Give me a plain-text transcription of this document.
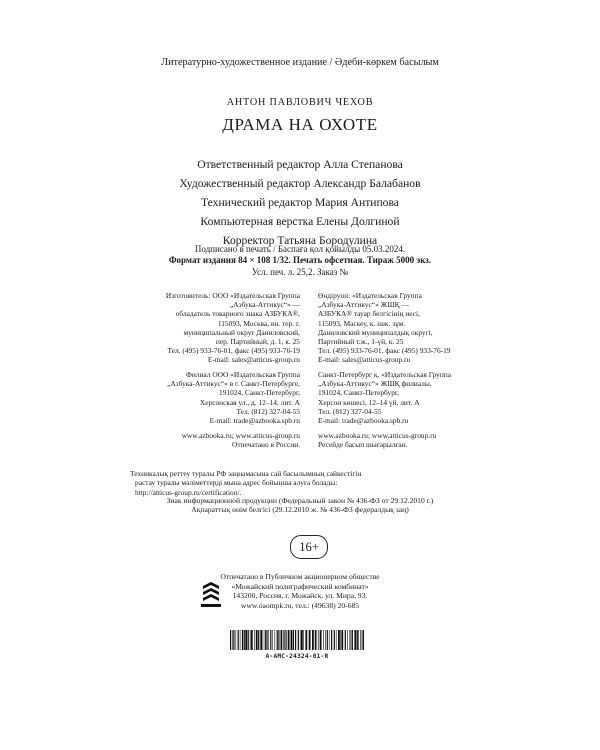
Литературно-художественное издание / Әдеби-көркем басылым
АНТОН ПАВЛОВИЧ ЧЕХОВ
ДРАМА НА ОХОТЕ
Ответственный редактор Алла Степанова
Художественный редактор Александр Балабанов
Технический редактор Мария Антипова
Компьютерная верстка Елены Долгиной
Корректор Татьяна Бородулина
Подписано в печать / Баспаға қол қойылды 05.03.2024.
Формат издания 84 × 108 1/32. Печать офсетная. Тираж 5000 экз.
Усл. печ. л. 25,2. Заказ №
Изготовитель: ООО «Издательская Группа
„Азбука-Аттикус“» —
обладатель товарного знака АЗБУКА®,
115093, Москва, вн. тер. г.
муниципальный округ Даниловский,
пер. Партийный, д. 1, к. 25
Тел. (495) 933-76-01, факс (495) 933-76-19
E-mail: sales@atticus-group.ru
Филиал ООО «Издательская Группа
„Азбука-Аттикус“» в г. Санкт-Петербурге,
191024, Санкт-Петербург,
Херсонская ул., д. 12–14, лит. А
Тел. (812) 327-04-55
E-mail: trade@azbooka.spb.ru
www.azbooka.ru; www.atticus-group.ru
Отпечатано в России.
Өндіруші: «Издательская Группа
„Азбука-Аттикус“» ЖШҚ —
АЗБУКА® тауар белгісінің иесі,
115093, Мәскеу, к. ішк. зұм.
Даниловский муниципалдық округі,
Партийный т.ж., 1-үй, к. 25
Тел. (495) 933-76-01, факс (495) 933-76-19
E-mail: sales@atticus-group.ru
Санкт-Петербург қ. «Издательская Группа
„Азбука-Аттикус“» ЖШҚ филиалы,
191024, Санкт-Петербург,
Херсон көшесі, 12–14 үй, лит. А
Тел. (812) 327-04-55
E-mail: trade@azbooka.spb.ru
www.azbooka.ru; www.atticus-group.ru
Ресейде басып шығарылған.
Техникалық реттеу туралы РФ заңнамасына сай басылымның сәйкестігін
растау туралы мәліметтерді мына адрес бойынша алуға болады:
http://atticus-group.ru/certification/.
Знак информационной продукции (Федеральный закон № 436-ФЗ от 29.12.2010 г.)
Ақпараттық өнім белгісі (29.12.2010 ж. № 436-ФЗ федералдық заң)
16+
Отпечатано в Публичном акционерном обществе
«Можайский полиграфический комбинат»
143200, Россия, г. Можайск, ул. Мира, 93.
www.oaompk.ru, тел.: (49638) 20-685
A-AMC-24324-01-R
